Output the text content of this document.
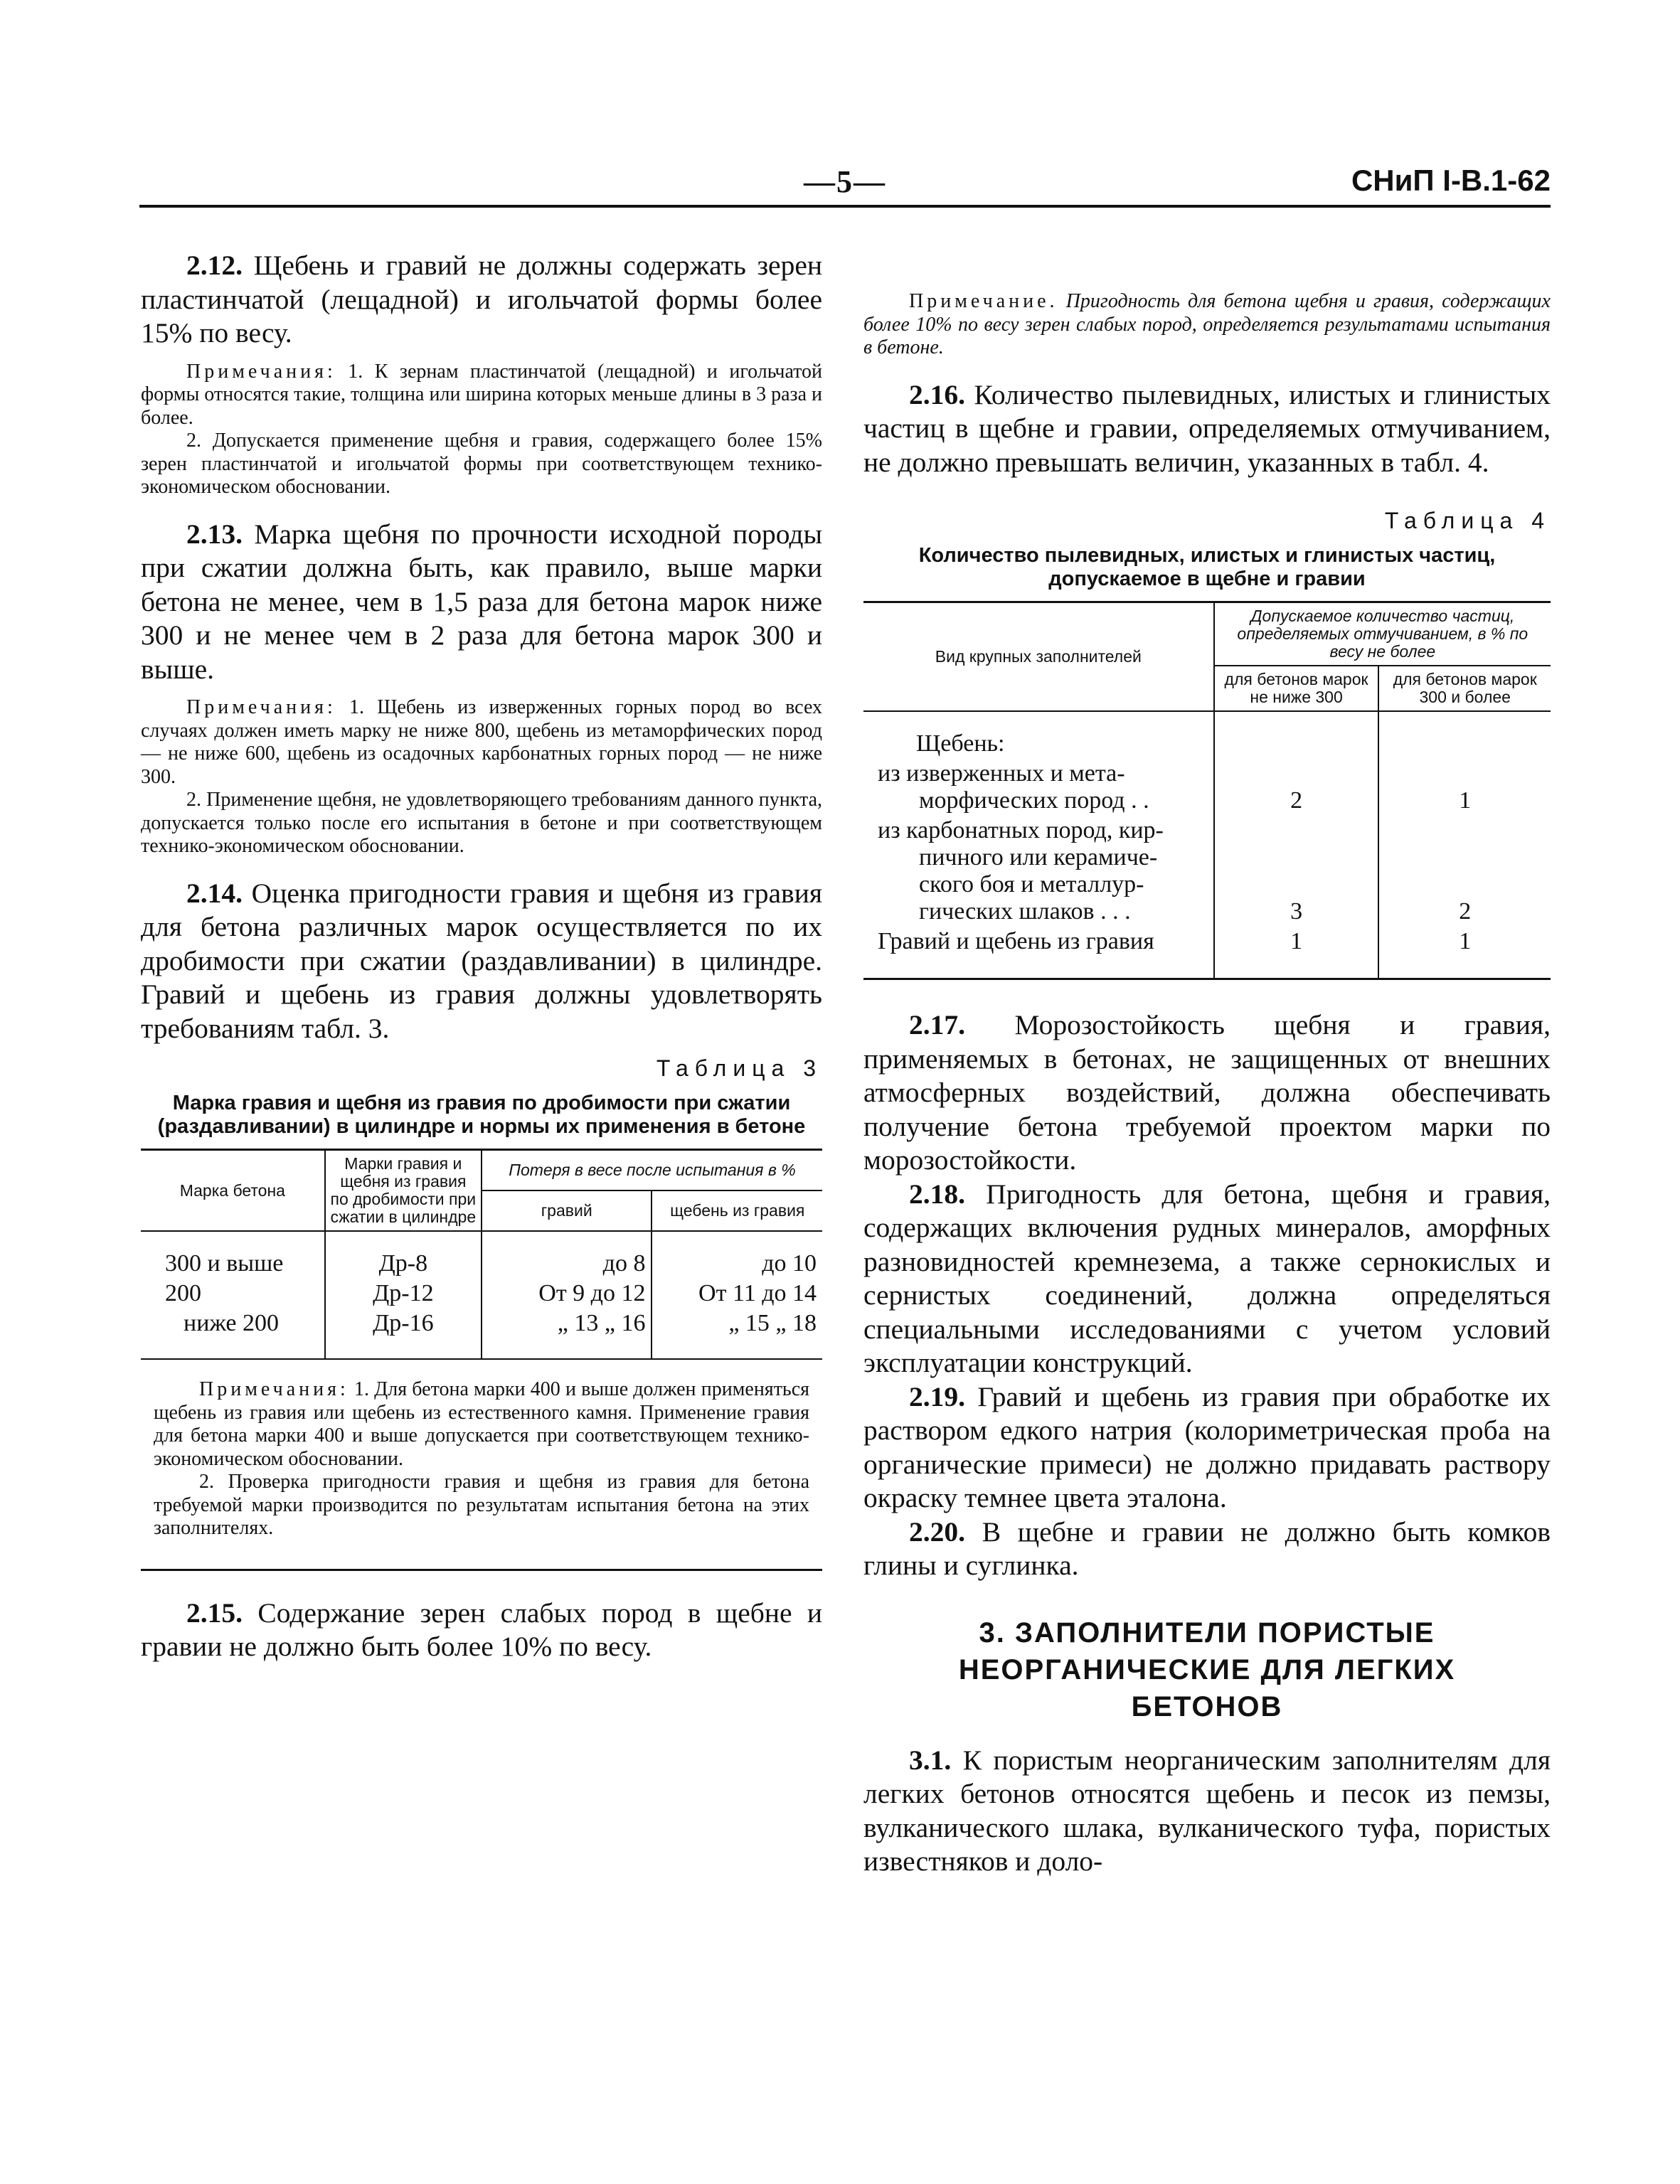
—5—	СНиП I-В.1-62

2.12. Щебень и гравий не должны содержать зерен пластинчатой (лещадной) и игольчатой формы более 15% по весу.

Примечания: 1. К зернам пластинчатой (лещадной) и игольчатой формы относятся такие, толщина или ширина которых меньше длины в 3 раза и более.

2. Допускается применение щебня и гравия, содержащего более 15% зерен пластинчатой и игольчатой формы при соответствующем технико-экономическом обосновании.

2.13. Марка щебня по прочности исходной породы при сжатии должна быть, как правило, выше марки бетона не менее, чем в 1,5 раза для бетона марок ниже 300 и не менее чем в 2 раза для бетона марок 300 и выше.

Примечания: 1. Щебень из изверженных горных пород во всех случаях должен иметь марку не ниже 800, щебень из метаморфических пород — не ниже 600, щебень из осадочных карбонатных горных пород — не ниже 300.

2. Применение щебня, не удовлетворяющего требованиям данного пункта, допускается только после его испытания в бетоне и при соответствующем технико-экономическом обосновании.

2.14. Оценка пригодности гравия и щебня из гравия для бетона различных марок осуществляется по их дробимости при сжатии (раздавливании) в цилиндре. Гравий и щебень из гравия должны удовлетворять требованиям табл. 3.

Таблица 3
Марка гравия и щебня из гравия по дробимости при сжатии (раздавливании) в цилиндре и нормы их применения в бетоне
Марка бетона	Марки гравия и щебня из гравия по дробимости при сжатии в цилиндре	Потеря в весе после испытания в %	
		гравий	щебень из гравия
300 и выше	Др-8	до 8	до 10
200	Др-12	От 9 до 12	От 11 до 14
ниже 200	Др-16	„ 13 „ 16	„ 15 „ 18

Примечания: 1. Для бетона марки 400 и выше должен применяться щебень из гравия или щебень из естественного камня. Применение гравия для бетона марки 400 и выше допускается при соответствующем технико-экономическом обосновании.

2. Проверка пригодности гравия и щебня из гравия для бетона требуемой марки производится по результатам испытания бетона на этих заполнителях.

2.15. Содержание зерен слабых пород в щебне и гравии не должно быть более 10% по весу.

Примечание. Пригодность для бетона щебня и гравия, содержащих более 10% по весу зерен слабых пород, определяется результатами испытания в бетоне.

2.16. Количество пылевидных, илистых и глинистых частиц в щебне и гравии, определяемых отмучиванием, не должно превышать величин, указанных в табл. 4.

Таблица 4
Количество пылевидных, илистых и глинистых частиц, допускаемое в щебне и гравии
Вид крупных заполнителей	Допускаемое количество частиц, определяемых отмучиванием, в % по весу не более	
	для бетонов марок не ниже 300	для бетонов марок 300 и более
Щебень:		

из изверженных и мета-
морфических пород . .	2	1

из карбонатных пород, кир-
пичного или керамиче-
ского боя и металлур-
гических шлаков . . .	3	2
Гравий и щебень из гравия	1	1

2.17. Морозостойкость щебня и гравия, применяемых в бетонах, не защищенных от внешних атмосферных воздействий, должна обеспечивать получение бетона требуемой проектом марки по морозостойкости.

2.18. Пригодность для бетона, щебня и гравия, содержащих включения рудных минералов, аморфных разновидностей кремнезема, а также сернокислых и сернистых соединений, должна определяться специальными исследованиями с учетом условий эксплуатации конструкций.

2.19. Гравий и щебень из гравия при обработке их раствором едкого натрия (колориметрическая проба на органические примеси) не должно придавать раствору окраску темнее цвета эталона.

2.20. В щебне и гравии не должно быть комков глины и суглинка.

3. ЗАПОЛНИТЕЛИ ПОРИСТЫЕ
НЕОРГАНИЧЕСКИЕ ДЛЯ ЛЕГКИХ
БЕТОНОВ

3.1. К пористым неорганическим заполнителям для легких бетонов относятся щебень и песок из пемзы, вулканического шлака, вулканического туфа, пористых известняков и доло-
